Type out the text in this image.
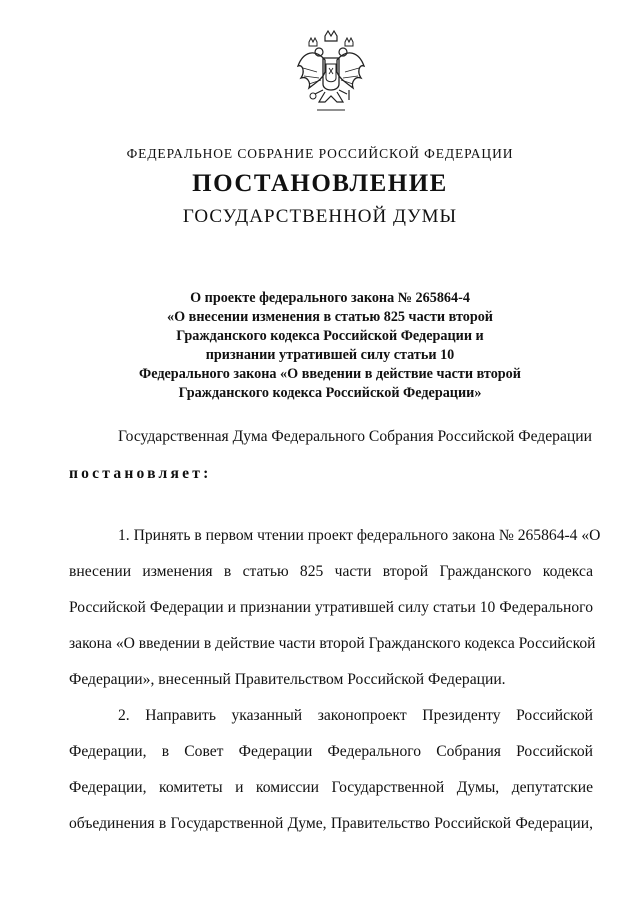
ФЕДЕРАЛЬНОЕ СОБРАНИЕ РОССИЙСКОЙ ФЕДЕРАЦИИ
ПОСТАНОВЛЕНИЕ
ГОСУДАРСТВЕННОЙ ДУМЫ
О проекте федерального закона № 265864-4
«О внесении изменения в статью 825 части второй
Гражданского кодекса Российской Федерации и
признании утратившей силу статьи 10
Федерального закона «О введении в действие части второй
Гражданского кодекса Российской Федерации»
Государственная Дума Федерального Собрания Российской Федерации
постановляет:
1. Принять в первом чтении проект федерального закона № 265864-4 «О
внесении изменения в статью 825 части второй Гражданского кодекса
Российской Федерации и признании утратившей силу статьи 10 Федерального
закона «О введении в действие части второй Гражданского кодекса Российской
Федерации», внесенный Правительством Российской Федерации.
2. Направить указанный законопроект Президенту Российской
Федерации, в Совет Федерации Федерального Собрания Российской
Федерации, комитеты и комиссии Государственной Думы, депутатские
объединения в Государственной Думе, Правительство Российской Федерации,
